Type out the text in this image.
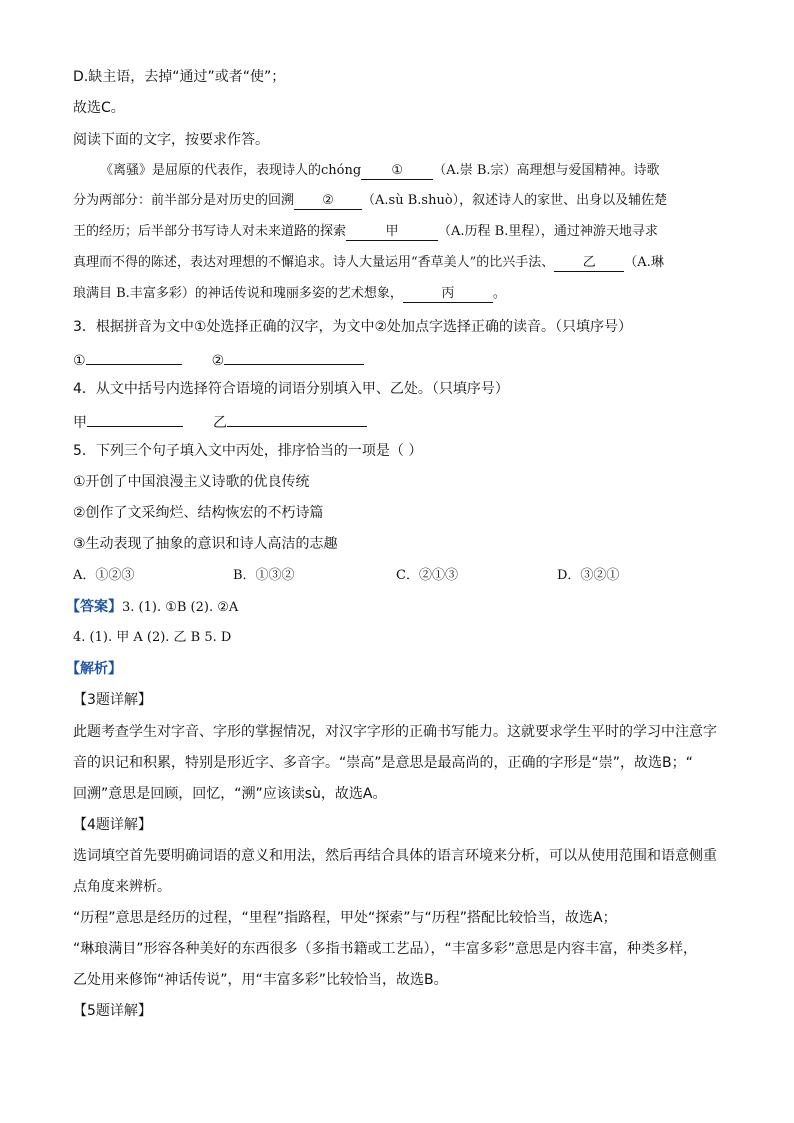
D.缺主语，去掉“通过”或者“使”；
故选C。
阅读下面的文字，按要求作答。
《离骚》是屈原的代表作，表现诗人的chóng ① （A.崇 B.宗）高理想与爱国精神。诗歌
分为两部分：前半部分是对历史的回溯 ② （A.sù B.shuò），叙述诗人的家世、出身以及辅佐楚
王的经历；后半部分书写诗人对未来道路的探索	甲	（A.历程 B.里程），通过神游天地寻求
真理而不得的陈述，表达对理想的不懈追求。诗人大量运用“香草美人”的比兴手法、 乙 （A.琳
琅满目 B.丰富多彩）的神话传说和瑰丽多姿的艺术想象，	丙	。
3．根据拼音为文中①处选择正确的汉字，为文中②处加点字选择正确的读音。（只填序号）
①	②
4．从文中括号内选择符合语境的词语分别填入甲、乙处。（只填序号）
甲	乙
5．下列三个句子填入文中丙处，排序恰当的一项是（ ）
①开创了中国浪漫主义诗歌的优良传统
②创作了文采绚烂、结构恢宏的不朽诗篇
③生动表现了抽象的意识和诗人高洁的志趣
A．①②③	B．①③②	C．②①③	D．③②①
【答案】3. (1). ①B (2). ②A
4. (1). 甲 A (2). 乙 B 5. D
【解析】
【3题详解】
此题考查学生对字音、字形的掌握情况，对汉字字形的正确书写能力。这就要求学生平时的学习中注意字
音的识记和积累，特别是形近字、多音字。“崇高”是意思是最高尚的，正确的字形是“崇”，故选B；“
回溯”意思是回顾，回忆，“溯”应该读sù，故选A。
【4题详解】
选词填空首先要明确词语的意义和用法，然后再结合具体的语言环境来分析，可以从使用范围和语意侧重
点角度来辨析。
“历程”意思是经历的过程，“里程”指路程，甲处“探索”与“历程”搭配比较恰当，故选A；
“琳琅满目”形容各种美好的东西很多（多指书籍或工艺品），“丰富多彩”意思是内容丰富，种类多样，
乙处用来修饰“神话传说”，用“丰富多彩”比较恰当，故选B。
【5题详解】
